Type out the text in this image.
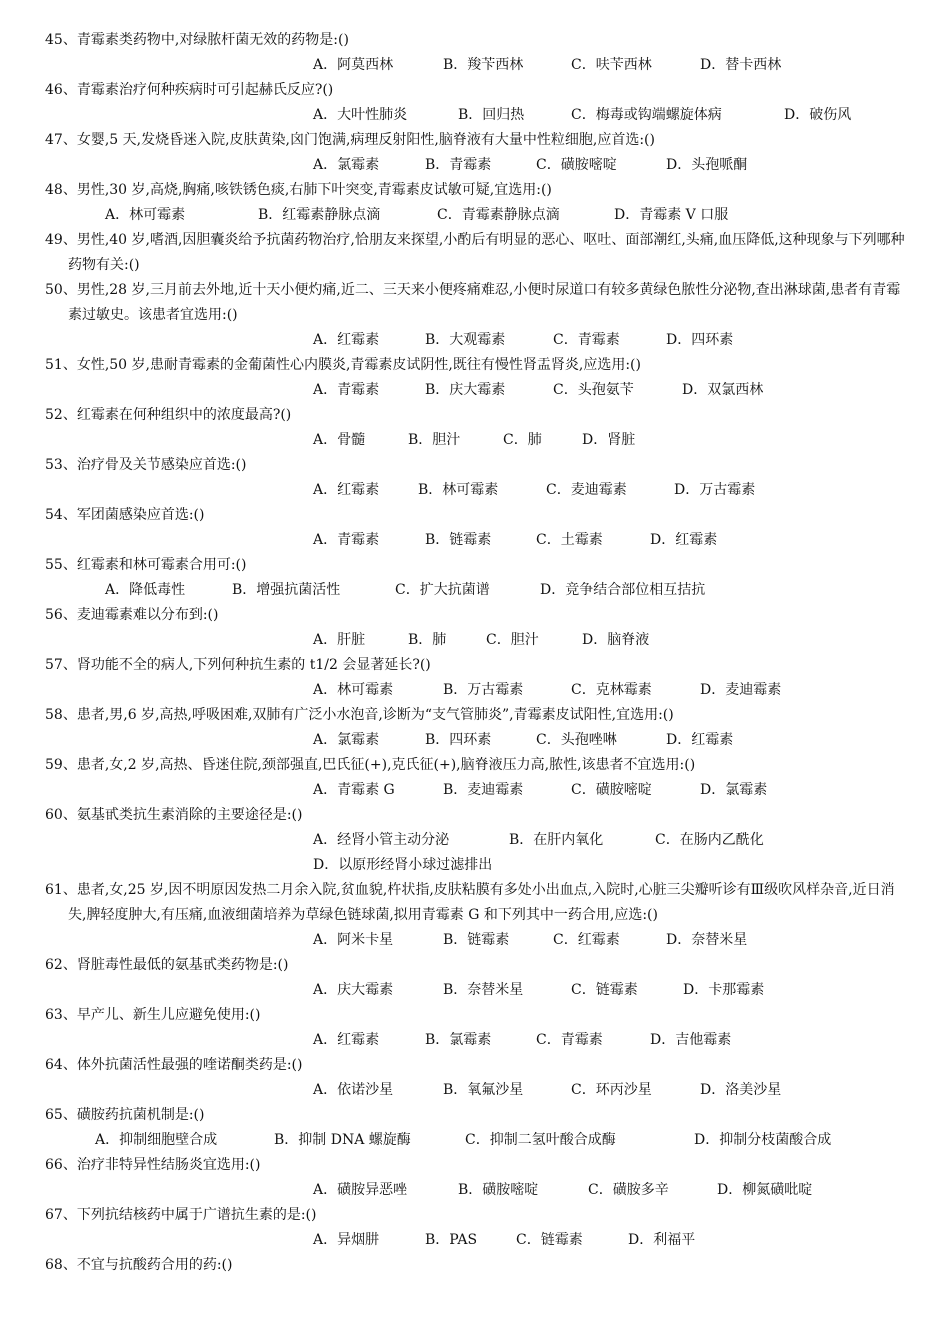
45、青霉素类药物中,对绿脓杆菌无效的药物是:()
A．阿莫西林	B．羧苄西林	C．呋苄西林	D．替卡西林
46、青霉素治疗何种疾病时可引起赫氏反应?()
A．大叶性肺炎	B．回归热	C．梅毒或钩端螺旋体病	D．破伤风
47、女婴,5 天,发烧昏迷入院,皮肤黄染,囟门饱满,病理反射阳性,脑脊液有大量中性粒细胞,应首选:()
A．氯霉素	B．青霉素	C．磺胺嘧啶	D．头孢哌酮
48、男性,30 岁,高烧,胸痛,咳铁锈色痰,右肺下叶突变,青霉素皮试敏可疑,宜选用:()
A．林可霉素	B．红霉素静脉点滴	C．青霉素静脉点滴	D．青霉素 V 口服
49、男性,40 岁,嗜酒,因胆囊炎给予抗菌药物治疗,恰朋友来探望,小酌后有明显的恶心、呕吐、面部潮红,头痛,血压降低,这种现象与下列哪种药物有关:()
50、男性,28 岁,三月前去外地,近十天小便灼痛,近二、三天来小便疼痛难忍,小便时尿道口有较多黄绿色脓性分泌物,查出淋球菌,患者有青霉素过敏史。该患者宜选用:()
A．红霉素	B．大观霉素	C．青霉素	D．四环素
51、女性,50 岁,患耐青霉素的金葡菌性心内膜炎,青霉素皮试阴性,既往有慢性肾盂肾炎,应选用:()
A．青霉素	B．庆大霉素	C．头孢氨苄	D．双氯西林
52、红霉素在何种组织中的浓度最高?()
A．骨髓	B．胆汁	C．肺	D．肾脏
53、治疗骨及关节感染应首选:()
A．红霉素	B．林可霉素	C．麦迪霉素	D．万古霉素
54、军团菌感染应首选:()
A．青霉素	B．链霉素	C．土霉素	D．红霉素
55、红霉素和林可霉素合用可:()
A．降低毒性	B．增强抗菌活性	C．扩大抗菌谱	D．竞争结合部位相互拮抗
56、麦迪霉素难以分布到:()
A．肝脏	B．肺	C．胆汁	D．脑脊液
57、肾功能不全的病人,下列何种抗生素的 t1/2 会显著延长?()
A．林可霉素	B．万古霉素	C．克林霉素	D．麦迪霉素
58、患者,男,6 岁,高热,呼吸困难,双肺有广泛小水泡音,诊断为“支气管肺炎”,青霉素皮试阳性,宜选用:()
A．氯霉素	B．四环素	C．头孢唑啉	D．红霉素
59、患者,女,2 岁,高热、昏迷住院,颈部强直,巴氏征(+),克氏征(+),脑脊液压力高,脓性,该患者不宜选用:()
A．青霉素 G	B．麦迪霉素	C．磺胺嘧啶	D．氯霉素
60、氨基甙类抗生素消除的主要途径是:()
A．经肾小管主动分泌	B．在肝内氧化	C．在肠内乙酰化
D．以原形经肾小球过滤排出
61、患者,女,25 岁,因不明原因发热二月余入院,贫血貌,杵状指,皮肤粘膜有多处小出血点,入院时,心脏三尖瓣听诊有Ⅲ级吹风样杂音,近日消失,脾轻度肿大,有压痛,血液细菌培养为草绿色链球菌,拟用青霉素 G 和下列其中一药合用,应选:()
A．阿米卡星	B．链霉素	C．红霉素	D．奈替米星
62、肾脏毒性最低的氨基甙类药物是:()
A．庆大霉素	B．奈替米星	C．链霉素	D．卡那霉素
63、早产儿、新生儿应避免使用:()
A．红霉素	B．氯霉素	C．青霉素	D．吉他霉素
64、体外抗菌活性最强的喹诺酮类药是:()
A．依诺沙星	B．氧氟沙星	C．环丙沙星	D．洛美沙星
65、磺胺药抗菌机制是:()
A．抑制细胞壁合成	B．抑制 DNA 螺旋酶	C．抑制二氢叶酸合成酶	D．抑制分枝菌酸合成
66、治疗非特异性结肠炎宜选用:()
A．磺胺异恶唑	B．磺胺嘧啶	C．磺胺多辛	D．柳氮磺吡啶
67、下列抗结核药中属于广谱抗生素的是:()
A．异烟肼	B．PAS	C．链霉素	D．利福平
68、不宜与抗酸药合用的药:()
